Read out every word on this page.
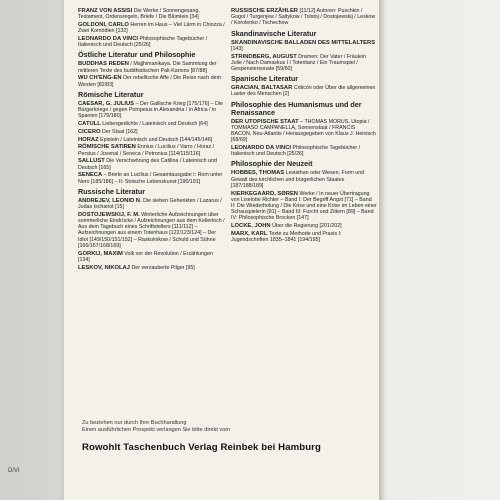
FRANZ VON ASSISI Die Werke / Sonnengesang, Testament, Ordensregeln, Briefe / Die Blümlein [34]
GOLDONI, CARLO Herren im Haus – Viel Lärm in Chiozza / Zwei Komödien [132]
LEONARDO DA VINCI Philosophische Tagebücher / Italienisch und Deutsch [25/26]
Östliche Literatur und Philosophie
BUDDHAS REDEN / Majjhimanikaya. Die Sammlung der mittleren Texte des buddhistischen Pali-Kanons [87/88]
WU CH'ENG-EN Der rebellische Affe / Die Reise nach dem Westen [82/83]
Römische Literatur
CAESAR, G. JULIUS – Der Gallische Krieg [175/176] – Die Bürgerkriege / gegen Pompeius in Alexandria / in Africa / in Spanien [179/180]
CATULL Liebesgedichte / Lateinisch und Deutsch [64]
CICERO Der Staat [162]
HORAZ Episteln / Lateinisch und Deutsch [144/145/146]
RÖMISCHE SATIREN Ennius / Lucilius / Varro / Horaz / Persius / Juvenal / Seneca / Petronius [114/115/116]
SALLUST Die Verschwörung des Catilina / Lateinisch und Deutsch [165]
SENECA – Briefe an Lucilius / Gesamtausgabe I: Rom unter Nero [185/186] – II: Stoische Lebenskunst [190/191]
Russische Literatur
ANDREJEV, LEONID N. Die sieben Gehenkten / Lazarus / Judas Ischariot [15]
DOSTOJEWSKIJ, F. M. Winterliche Aufzeichnungen über sommerliche Eindrücke / Aufzeichnungen aus dem Kellerloch / Aus dem Tagebuch eines Schriftstellers [111/112] – Aufzeichnungen aus einem Totenhaus [122/123/124] – Der Idiot [149/150/151/152] – Raskolnikow / Schuld und Sühne [166/167/168/169]
GORKIJ, MAXIM Volk vor der Revolution / Erzählungen [134]
LESKOV, NIKOLAJ Der verzauberte Pilger [95]
RUSSISCHE ERZÄHLER [11/12] Autoren: Puschkin / Gogol / Turgenjew / Saltykow / Tolstoj / Dostojewskij / Leskow / Korolenko / Tschechow
Skandinavische Literatur
SKANDINAVISCHE BALLADEN DES MITTELALTERS [143]
STRINDBERG, AUGUST Dramen: Der Vater / Fräulein Julie / Nach Damaskus I / Totentanz / Ein Traumspiel / Gespenstersonate [59/60]
Spanische Literatur
GRACIAN, BALTASAR Criticón oder Über die allgemeinen Laster des Menschen [2]
Philosophie des Humanismus und der Renaissance
DER UTOPISCHE STAAT – THOMAS MORUS, Utopia / TOMMASO CAMPANELLA, Sonnenstaat / FRANCIS BACON, Neu-Atlantis / Herausgegeben von Klaus J. Heinisch [68/69]
LEONARDO DA VINCI Philosophische Tagebücher / Italienisch und Deutsch [25/26]
Philosophie der Neuzeit
HOBBES, THOMAS Leviathan oder Wesen, Form und Gewalt des kirchlichen und bürgerlichen Staates [187/188/189]
KIERKEGAARD, SØREN Werke / In neuer Übertragung von Liselotte Richter – Band I: Der Begriff Angst [71] – Band II: Die Wiederholung / Die Krise und eine Krise im Leben einer Schauspielerin [81] – Band III: Furcht und Zittern [89] – Band IV: Philosophische Brocken [147]
LOCKE, JOHN Über die Regierung [201/202]
MARX, KARL Texte zu Methode und Praxis I: Jugendschriften 1835–1841 [194/195]
Zu beziehen nur durch Ihre Buchhandlung
Einen ausführlichen Prospekt verlangen Sie bitte direkt vom
Rowohlt Taschenbuch Verlag Reinbek bei Hamburg
D/VI
